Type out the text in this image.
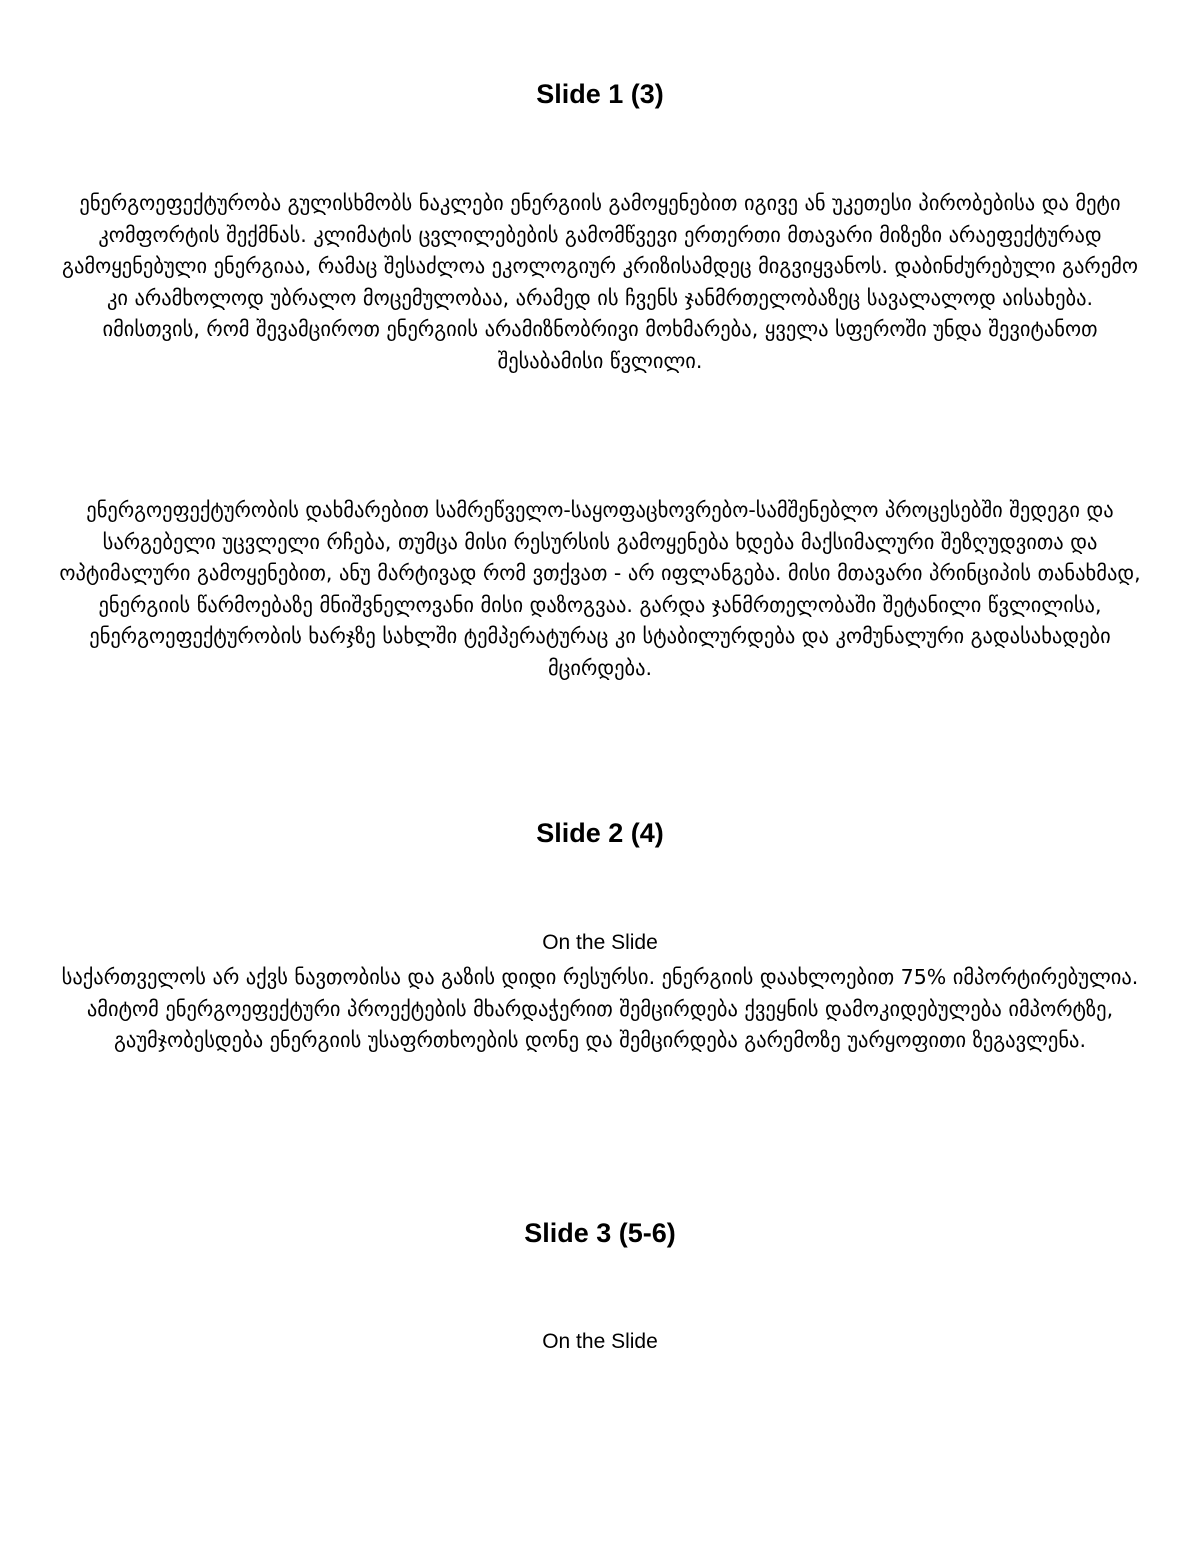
Slide 1 (3)

ენერგოეფექტურობა გულისხმობს ნაკლები ენერგიის გამოყენებით იგივე ან უკეთესი პირობებისა და მეტი კომფორტის შექმნას. კლიმატის ცვლილებების გამომწვევი ერთერთი მთავარი მიზეზი არაეფექტურად გამოყენებული ენერგიაა, რამაც შესაძლოა ეკოლოგიურ კრიზისამდეც მიგვიყვანოს. დაბინძურებული გარემო კი არამხოლოდ უბრალო მოცემულობაა, არამედ ის ჩვენს ჯანმრთელობაზეც სავალალოდ აისახება. იმისთვის, რომ შევამციროთ ენერგიის არამიზნობრივი მოხმარება, ყველა სფეროში უნდა შევიტანოთ შესაბამისი წვლილი.

ენერგოეფექტურობის დახმარებით სამრეწველო-საყოფაცხოვრებო-სამშენებლო პროცესებში შედეგი და სარგებელი უცვლელი რჩება, თუმცა მისი რესურსის გამოყენება ხდება მაქსიმალური შეზღუდვითა და ოპტიმალური გამოყენებით, ანუ მარტივად რომ ვთქვათ - არ იფლანგება. მისი მთავარი პრინციპის თანახმად, ენერგიის წარმოებაზე მნიშვნელოვანი მისი დაზოგვაა. გარდა ჯანმრთელობაში შეტანილი წვლილისა, ენერგოეფექტურობის ხარჯზე სახლში ტემპერატურაც კი სტაბილურდება და კომუნალური გადასახადები მცირდება.

Slide 2 (4)

On the Slide

საქართველოს არ აქვს ნავთობისა და გაზის დიდი რესურსი. ენერგიის დაახლოებით 75% იმპორტირებულია. ამიტომ ენერგოეფექტური პროექტების მხარდაჭერით შემცირდება ქვეყნის დამოკიდებულება იმპორტზე, გაუმჯობესდება ენერგიის უსაფრთხოების დონე და შემცირდება გარემოზე უარყოფითი ზეგავლენა.

Slide 3 (5-6)

On the Slide
